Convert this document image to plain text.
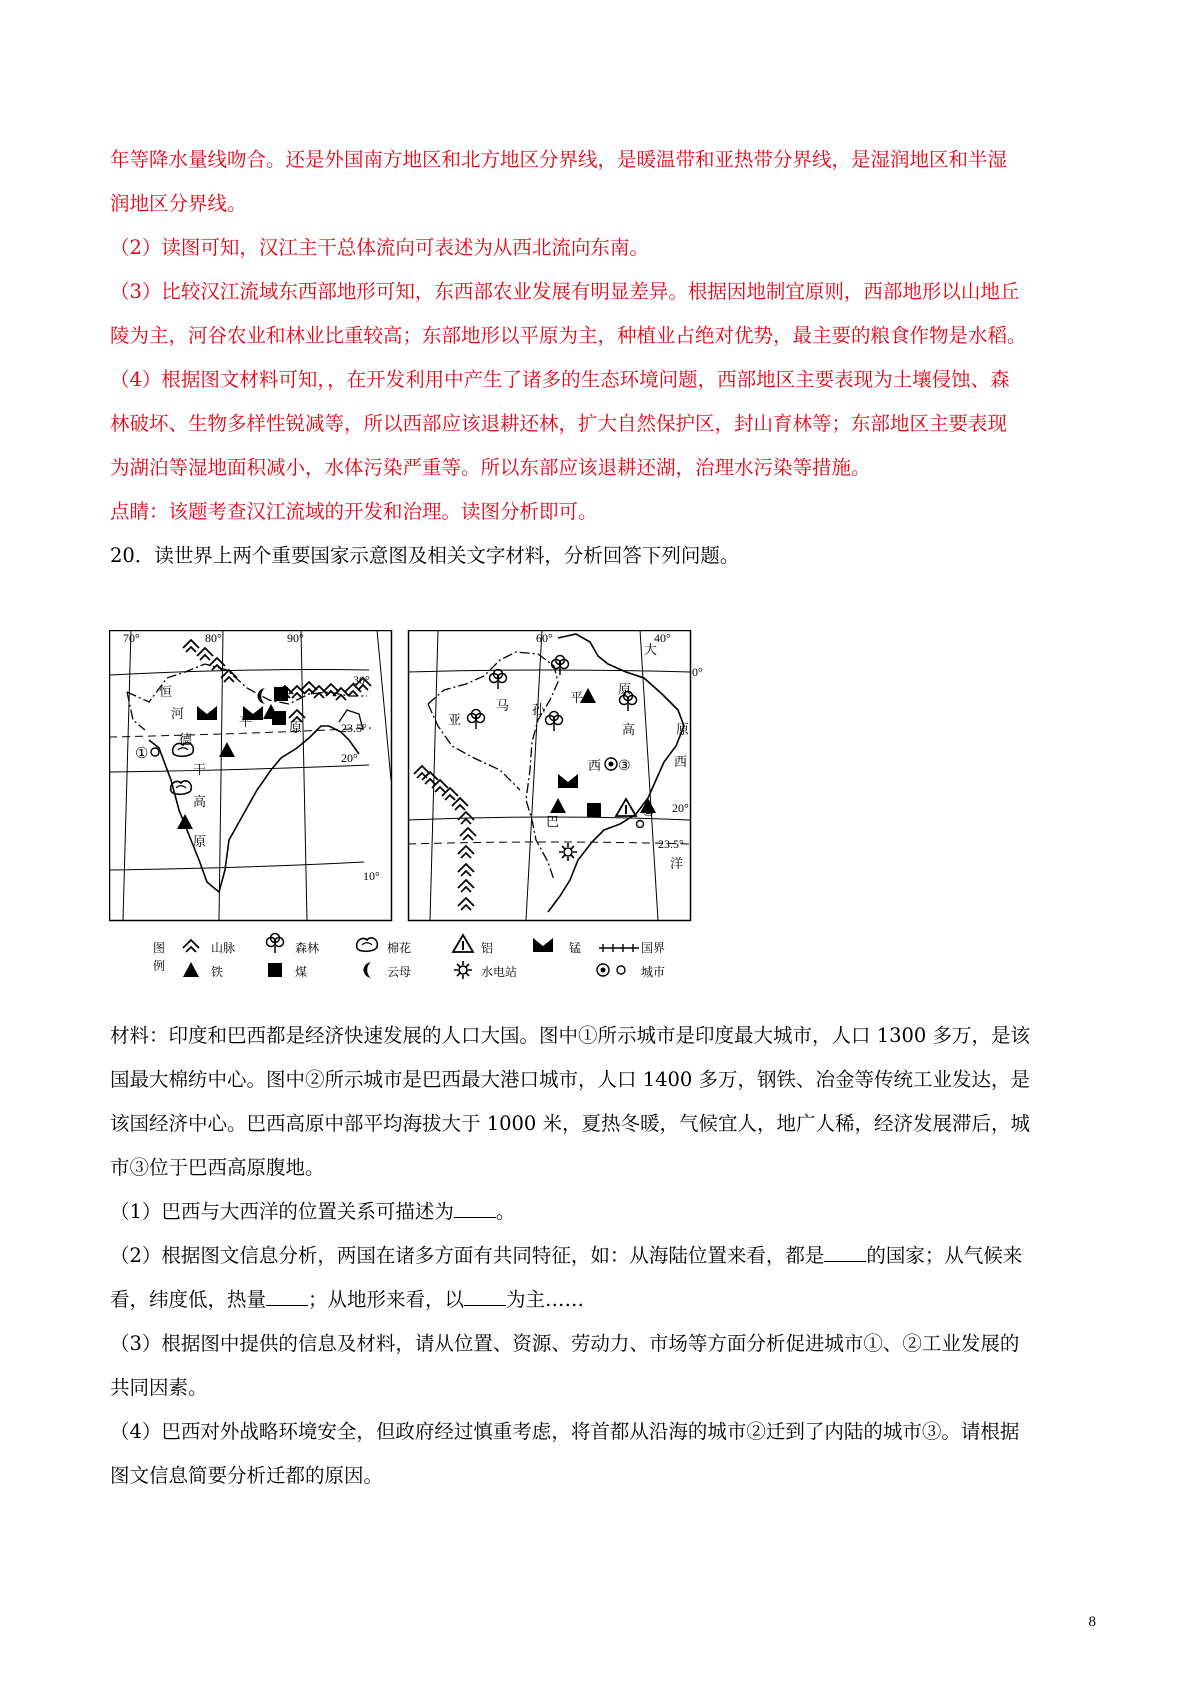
年等降水量线吻合。还是外国南方地区和北方地区分界线，是暖温带和亚热带分界线，是湿润地区和半湿
润地区分界线。
（2）读图可知，汉江主干总体流向可表述为从西北流向东南。
（3）比较汉江流域东西部地形可知，东西部农业发展有明显差异。根据因地制宜原则，西部地形以山地丘
陵为主，河谷农业和林业比重较高；东部地形以平原为主，种植业占绝对优势，最主要的粮食作物是水稻。
（4）根据图文材料可知，，在开发利用中产生了诸多的生态环境问题，西部地区主要表现为土壤侵蚀、森
林破坏、生物多样性锐减等，所以西部应该退耕还林，扩大自然保护区，封山育林等；东部地区主要表现
为湖泊等湿地面积减小，水体污染严重等。所以东部应该退耕还湖，治理水污染等措施。
点睛：该题考查汉江流域的开发和治理。读图分析即可。
20．读世界上两个重要国家示意图及相关文字材料，分析回答下列问题。
①
70°	80°	90°
30°
23.5°
20°
10°
恒
河
平	原
德
干
高
原
③
②
60°	40°
0°
20°
23.5°
亚
马 孙
平
原
高	原
西
巴
大
西
洋
图
例
山脉	森林	棉花	铝	锰	国界
铁	煤	云母	水电站	城市
材料：印度和巴西都是经济快速发展的人口大国。图中①所示城市是印度最大城市，人口 1300 多万，是该
国最大棉纺中心。图中②所示城市是巴西最大港口城市，人口 1400 多万，钢铁、冶金等传统工业发达，是
该国经济中心。巴西高原中部平均海拔大于 1000 米，夏热冬暖，气候宜人，地广人稀，经济发展滞后，城
市③位于巴西高原腹地。
（1）巴西与大西洋的位置关系可描述为 。
（2）根据图文信息分析，两国在诸多方面有共同特征，如：从海陆位置来看，都是 的国家；从气候来
看，纬度低，热量 ；从地形来看，以 为主……
（3）根据图中提供的信息及材料，请从位置、资源、劳动力、市场等方面分析促进城市①、②工业发展的
共同因素。
（4）巴西对外战略环境安全，但政府经过慎重考虑，将首都从沿海的城市②迁到了内陆的城市③。请根据
图文信息简要分析迁都的原因。
8
